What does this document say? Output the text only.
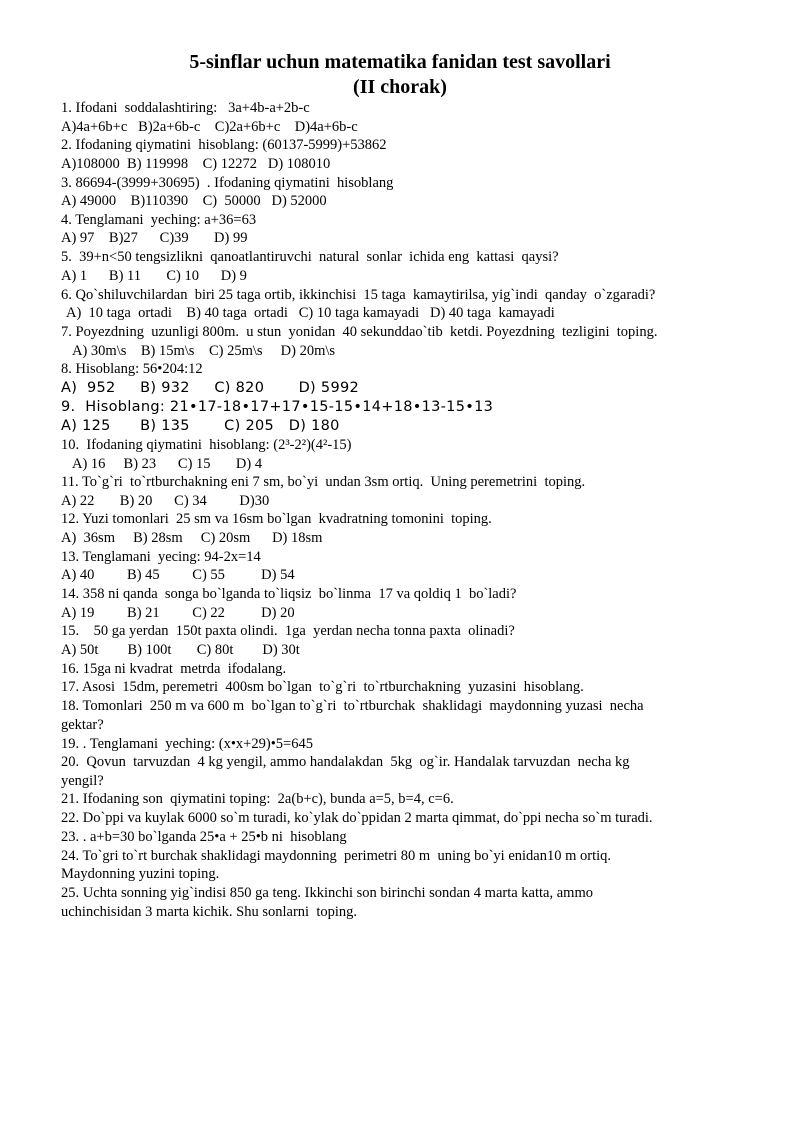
5-sinflar uchun matematika fanidan test savollari
(II chorak)
1. Ifodani  soddalashtiring:   3a+4b-a+2b-c
A)4a+6b+c   B)2a+6b-c    C)2a+6b+c    D)4a+6b-c
2. Ifodaning qiymatini  hisoblang: (60137-5999)+53862
A)108000  B) 119998    C) 12272   D) 108010
3. 86694-(3999+30695)  . Ifodaning qiymatini  hisoblang
A) 49000    B)110390    C)  50000   D) 52000
4. Tenglamani  yeching: a+36=63
A) 97    B)27      C)39       D) 99
5.  39+n<50 tengsizlikni  qanoatlantiruvchi  natural  sonlar  ichida eng  kattasi  qaysi?
A) 1      B) 11       C) 10      D) 9
6. Qo`shiluvchilardan  biri 25 taga ortib, ikkinchisi  15 taga  kamaytirilsa, yig`indi  qanday  o`zgaradi?
A)  10 taga  ortadi    B) 40 taga  ortadi   C) 10 taga kamayadi   D) 40 taga  kamayadi
7. Poyezdning  uzunligi 800m.  u stun  yonidan  40 sekunddao`tib  ketdi. Poyezdning  tezligini  toping.
A) 30m\s    B) 15m\s    C) 25m\s     D) 20m\s
8. Hisoblang: 56•204:12
A)  952     B) 932     C) 820       D) 5992
9.  Hisoblang: 21•17-18•17+17•15-15•14+18•13-15•13
A) 125      B) 135       C) 205   D) 180
10.  Ifodaning qiymatini  hisoblang: (2³-2²)(4²-15)
A) 16     B) 23      C) 15       D) 4
11. To`g`ri  to`rtburchakning eni 7 sm, bo`yi  undan 3sm ortiq.  Uning peremetrini  toping.
A) 22       B) 20      C) 34         D)30
12. Yuzi tomonlari  25 sm va 16sm bo`lgan  kvadratning tomonini  toping.
A)  36sm     B) 28sm     C) 20sm      D) 18sm
13. Tenglamani  yecing: 94-2x=14
A) 40         B) 45         C) 55          D) 54
14. 358 ni qanda  songa bo`lganda to`liqsiz  bo`linma  17 va qoldiq 1  bo`ladi?
A) 19         B) 21         C) 22          D) 20
15.    50 ga yerdan  150t paxta olindi.  1ga  yerdan necha tonna paxta  olinadi?
A) 50t        B) 100t       C) 80t        D) 30t
16. 15ga ni kvadrat  metrda  ifodalang.
17. Asosi  15dm, peremetri  400sm bo`lgan  to`g`ri  to`rtburchakning  yuzasini  hisoblang.
18. Tomonlari  250 m va 600 m  bo`lgan to`g`ri  to`rtburchak  shaklidagi  maydonning yuzasi  necha
gektar?
19. . Tenglamani  yeching: (x•x+29)•5=645
20.  Qovun  tarvuzdan  4 kg yengil, ammo handalakdan  5kg  og`ir. Handalak tarvuzdan  necha kg
yengil?
21. Ifodaning son  qiymatini toping:  2a(b+c), bunda a=5, b=4, c=6.
22. Do`ppi va kuylak 6000 so`m turadi, ko`ylak do`ppidan 2 marta qimmat, do`ppi necha so`m turadi.
23. . a+b=30 bo`lganda 25•a + 25•b ni  hisoblang
24. To`gri to`rt burchak shaklidagi maydonning  perimetri 80 m  uning bo`yi enidan10 m ortiq.
Maydonning yuzini toping.
25. Uchta sonning yig`indisi 850 ga teng. Ikkinchi son birinchi sondan 4 marta katta, ammo
uchinchisidan 3 marta kichik. Shu sonlarni  toping.
